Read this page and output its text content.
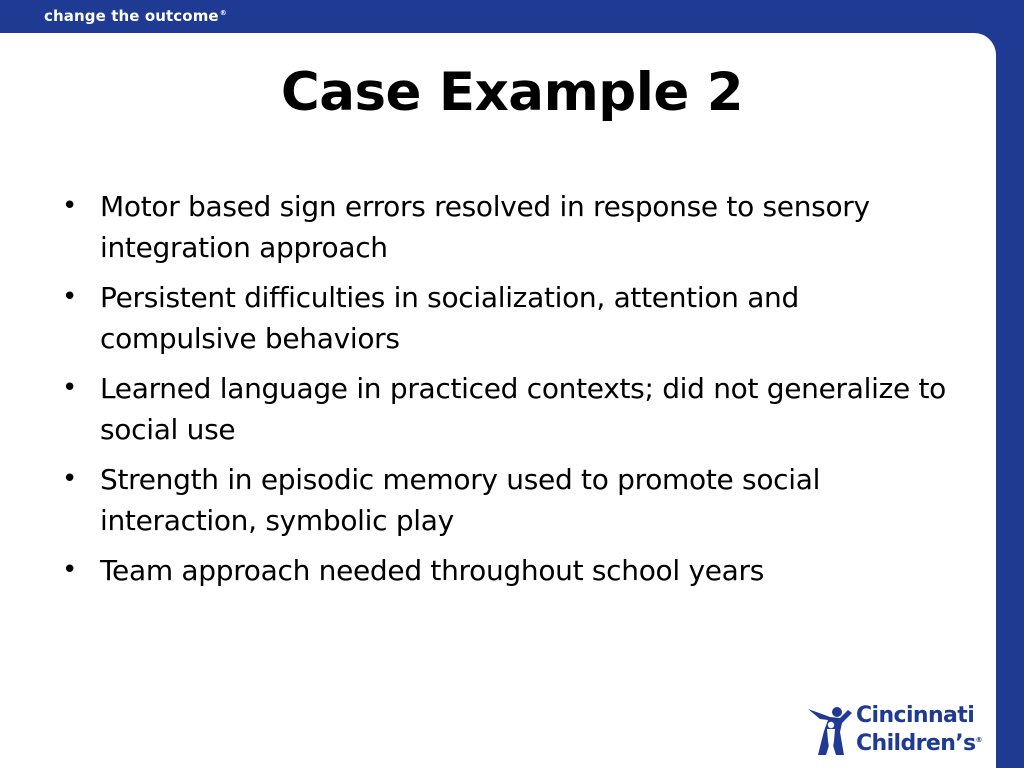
change the outcome®
Case Example 2
• Motor based sign errors resolved in response to sensory integration approach
• Persistent difficulties in socialization, attention and compulsive behaviors
• Learned language in practiced contexts; did not generalize to social use
• Strength in episodic memory used to promote social interaction, symbolic play
• Team approach needed throughout school years
Cincinnati
Children’s®
